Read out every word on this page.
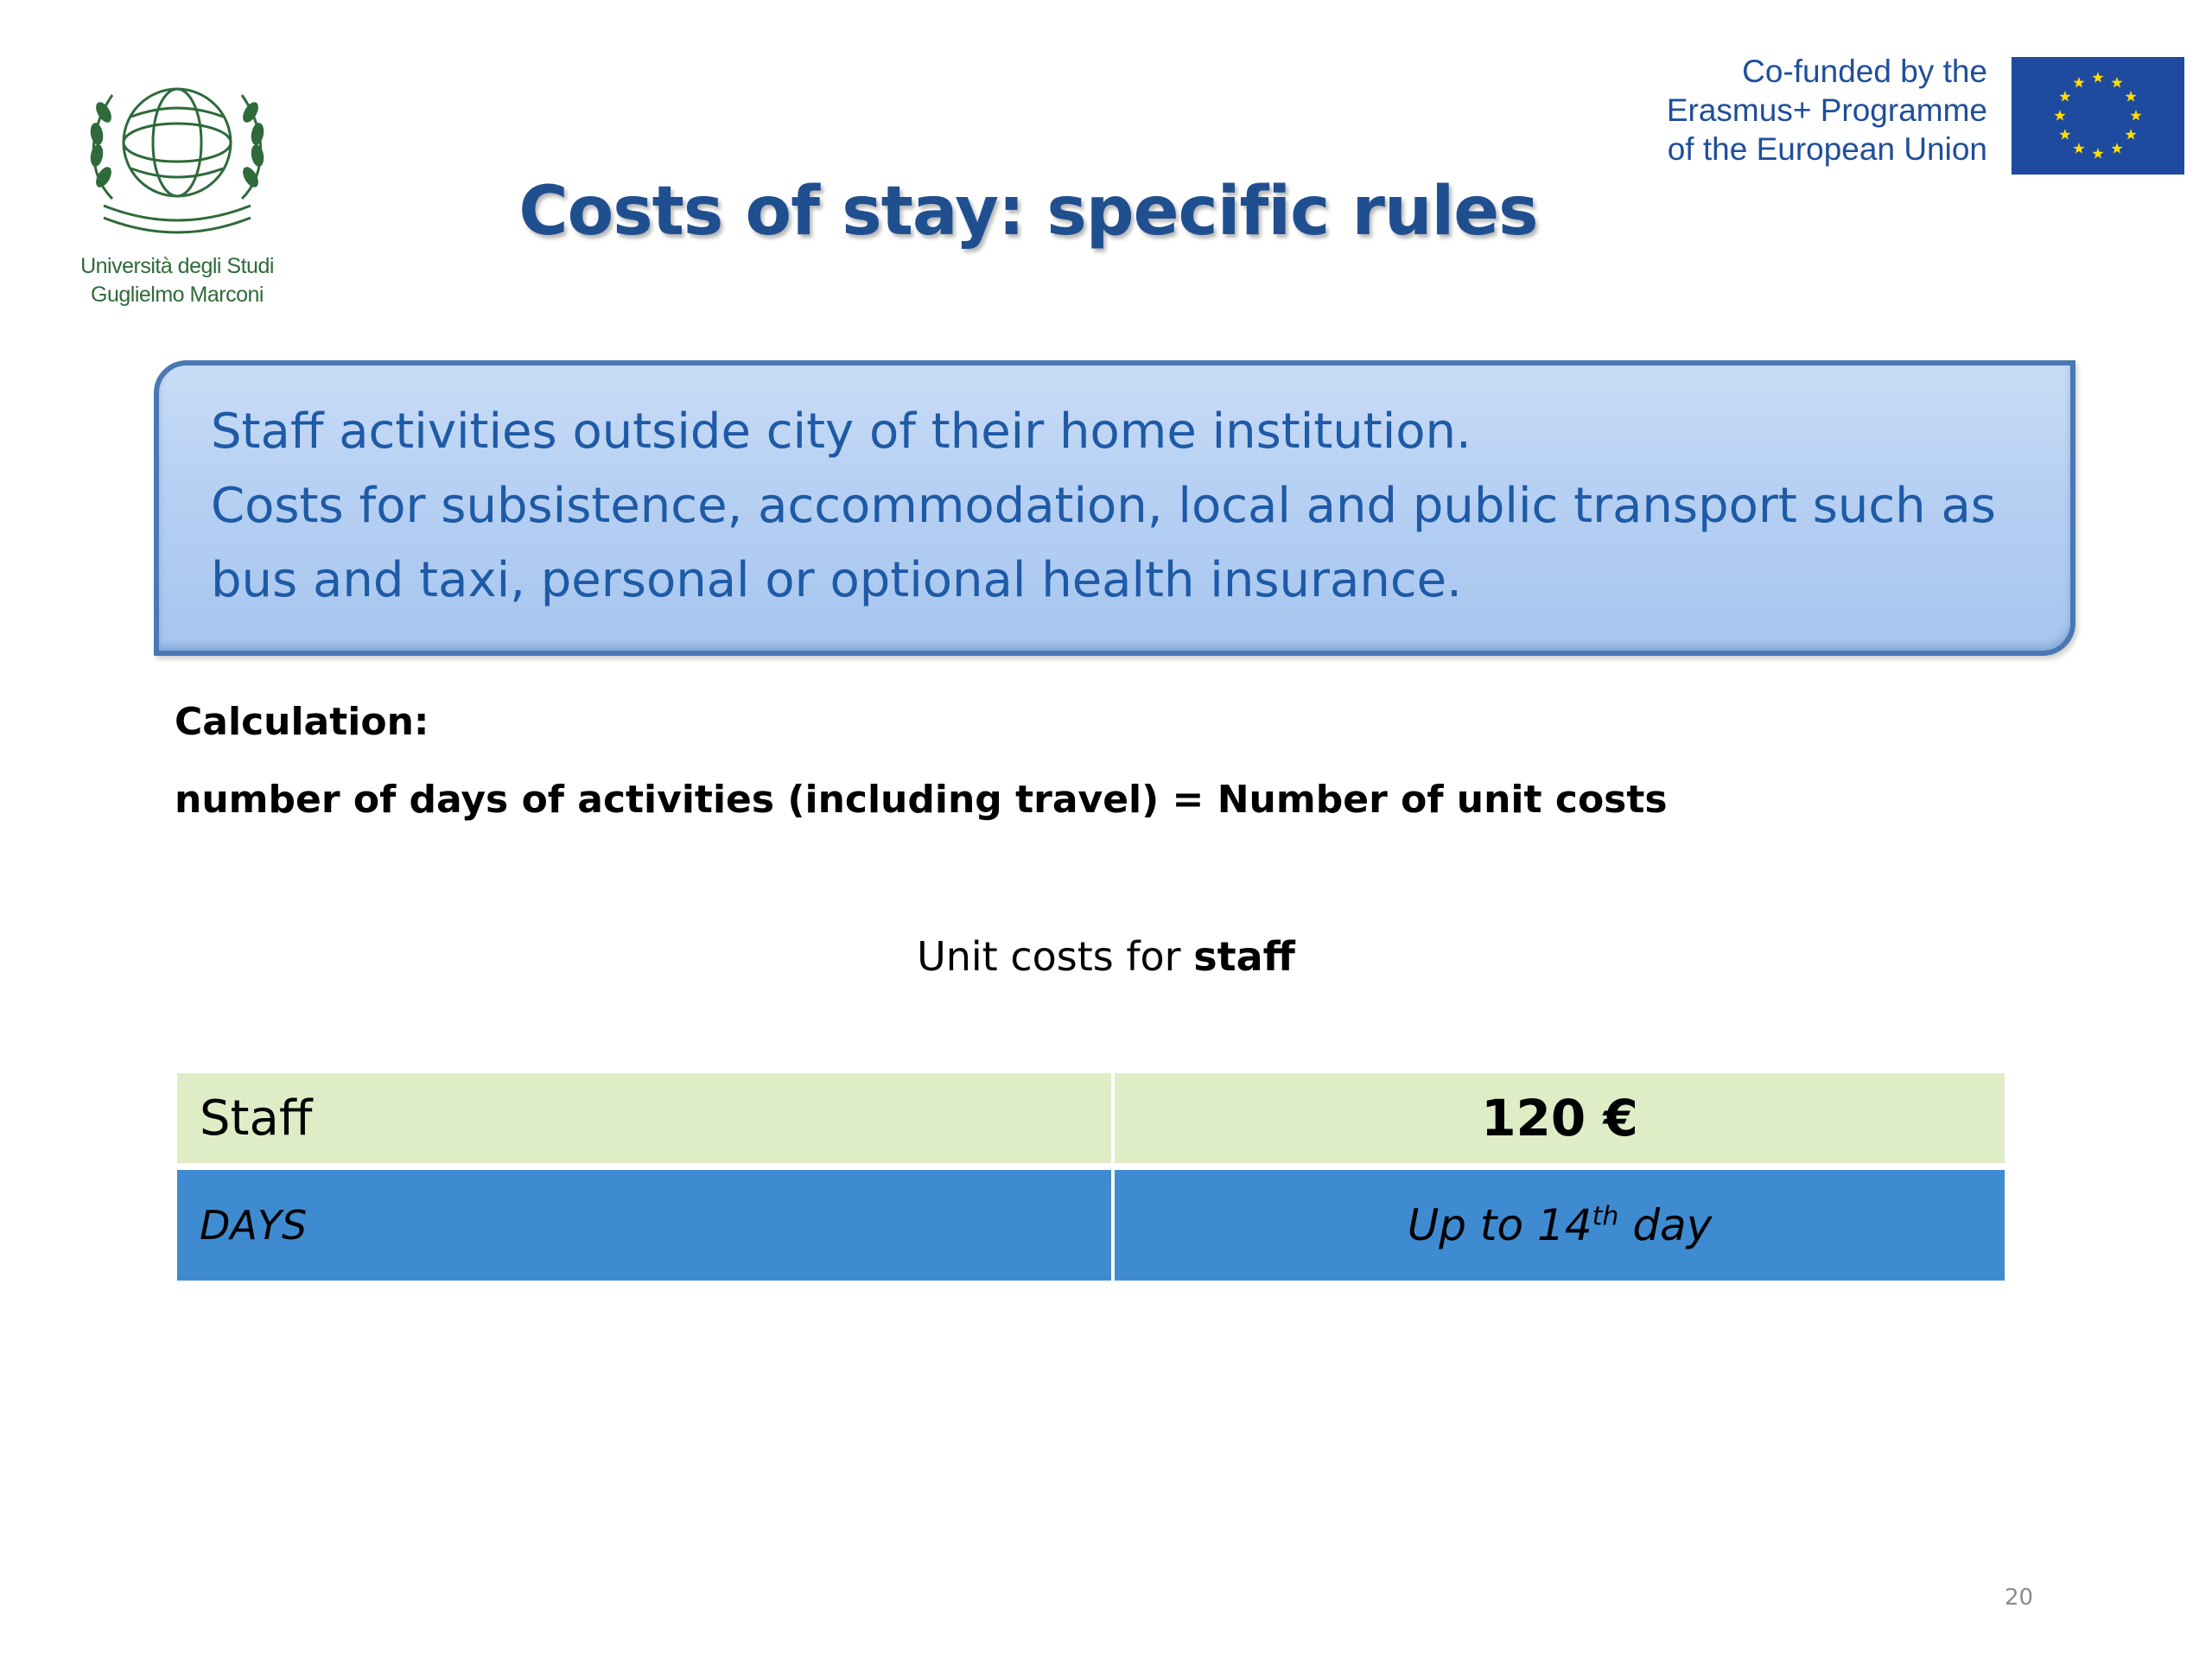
Università degli Studi
Guglielmo Marconi
Co-funded by the
Erasmus+ Programme
of the European Union
Costs of stay: specific rules
Staff activities outside city of their home institution.
Costs for subsistence, accommodation, local and public transport such as
bus and taxi, personal or optional health insurance.
Calculation:
number of days of activities (including travel) = Number of unit costs
Unit costs for staff
Staff	120 €
DAYS	Up to 14th day
20
